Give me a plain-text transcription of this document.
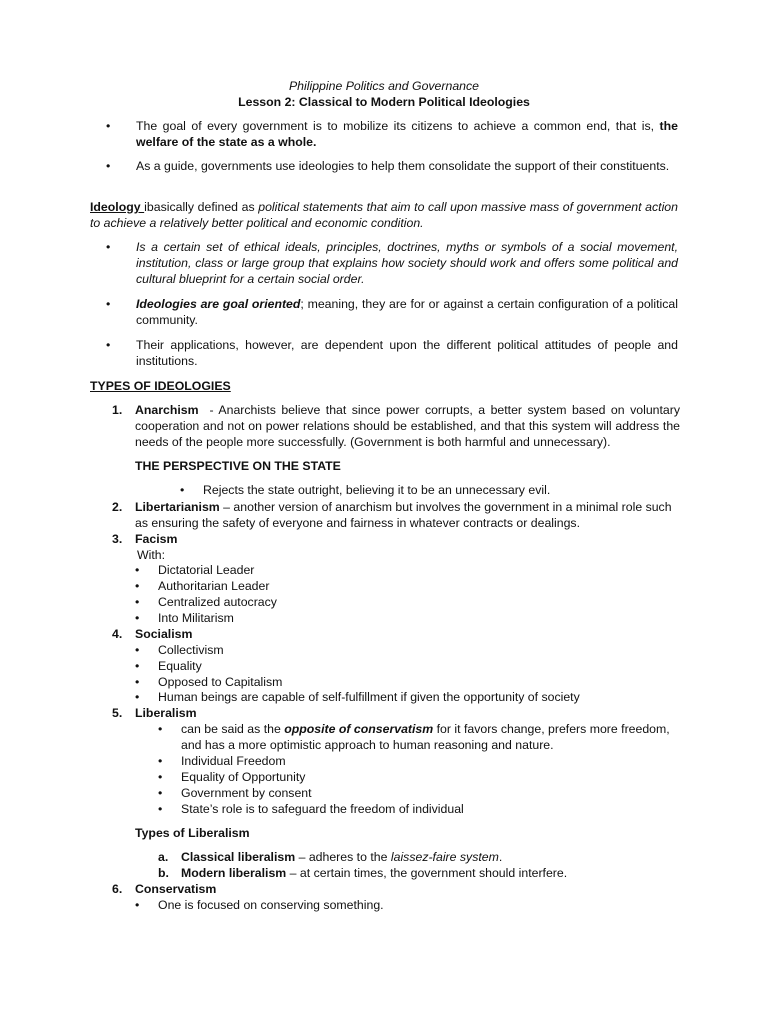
Philippine Politics and Governance
Lesson 2: Classical to Modern Political Ideologies
• The goal of every government is to mobilize its citizens to achieve a common end, that is, the welfare of the state as a whole.
• As a guide, governments use ideologies to help them consolidate the support of their constituents.
Ideology ibasically defined as political statements that aim to call upon massive mass of government action to achieve a relatively better political and economic condition.
• Is a certain set of ethical ideals, principles, doctrines, myths or symbols of a social movement, institution, class or large group that explains how society should work and offers some political and cultural blueprint for a certain social order.
• Ideologies are goal oriented; meaning, they are for or against a certain configuration of a political community.
• Their applications, however, are dependent upon the different political attitudes of people and institutions.
TYPES OF IDEOLOGIES
1. Anarchism  - Anarchists believe that since power corrupts, a better system based on voluntary cooperation and not on power relations should be established, and that this system will address the needs of the people more successfully. (Government is both harmful and unnecessary).
THE PERSPECTIVE ON THE STATE
• Rejects the state outright, believing it to be an unnecessary evil.
2. Libertarianism – another version of anarchism but involves the government in a minimal role such as ensuring the safety of everyone and fairness in whatever contracts or dealings.
3. Facism
With:
• Dictatorial Leader
• Authoritarian Leader
• Centralized autocracy
• Into Militarism
4. Socialism
• Collectivism
• Equality
• Opposed to Capitalism
• Human beings are capable of self-fulfillment if given the opportunity of society
5. Liberalism
• can be said as the opposite of conservatism for it favors change, prefers more freedom, and has a more optimistic approach to human reasoning and nature.
• Individual Freedom
• Equality of Opportunity
• Government by consent
• State’s role is to safeguard the freedom of individual
Types of Liberalism
a. Classical liberalism – adheres to the laissez-faire system.
b. Modern liberalism – at certain times, the government should interfere.
6. Conservatism
• One is focused on conserving something.
